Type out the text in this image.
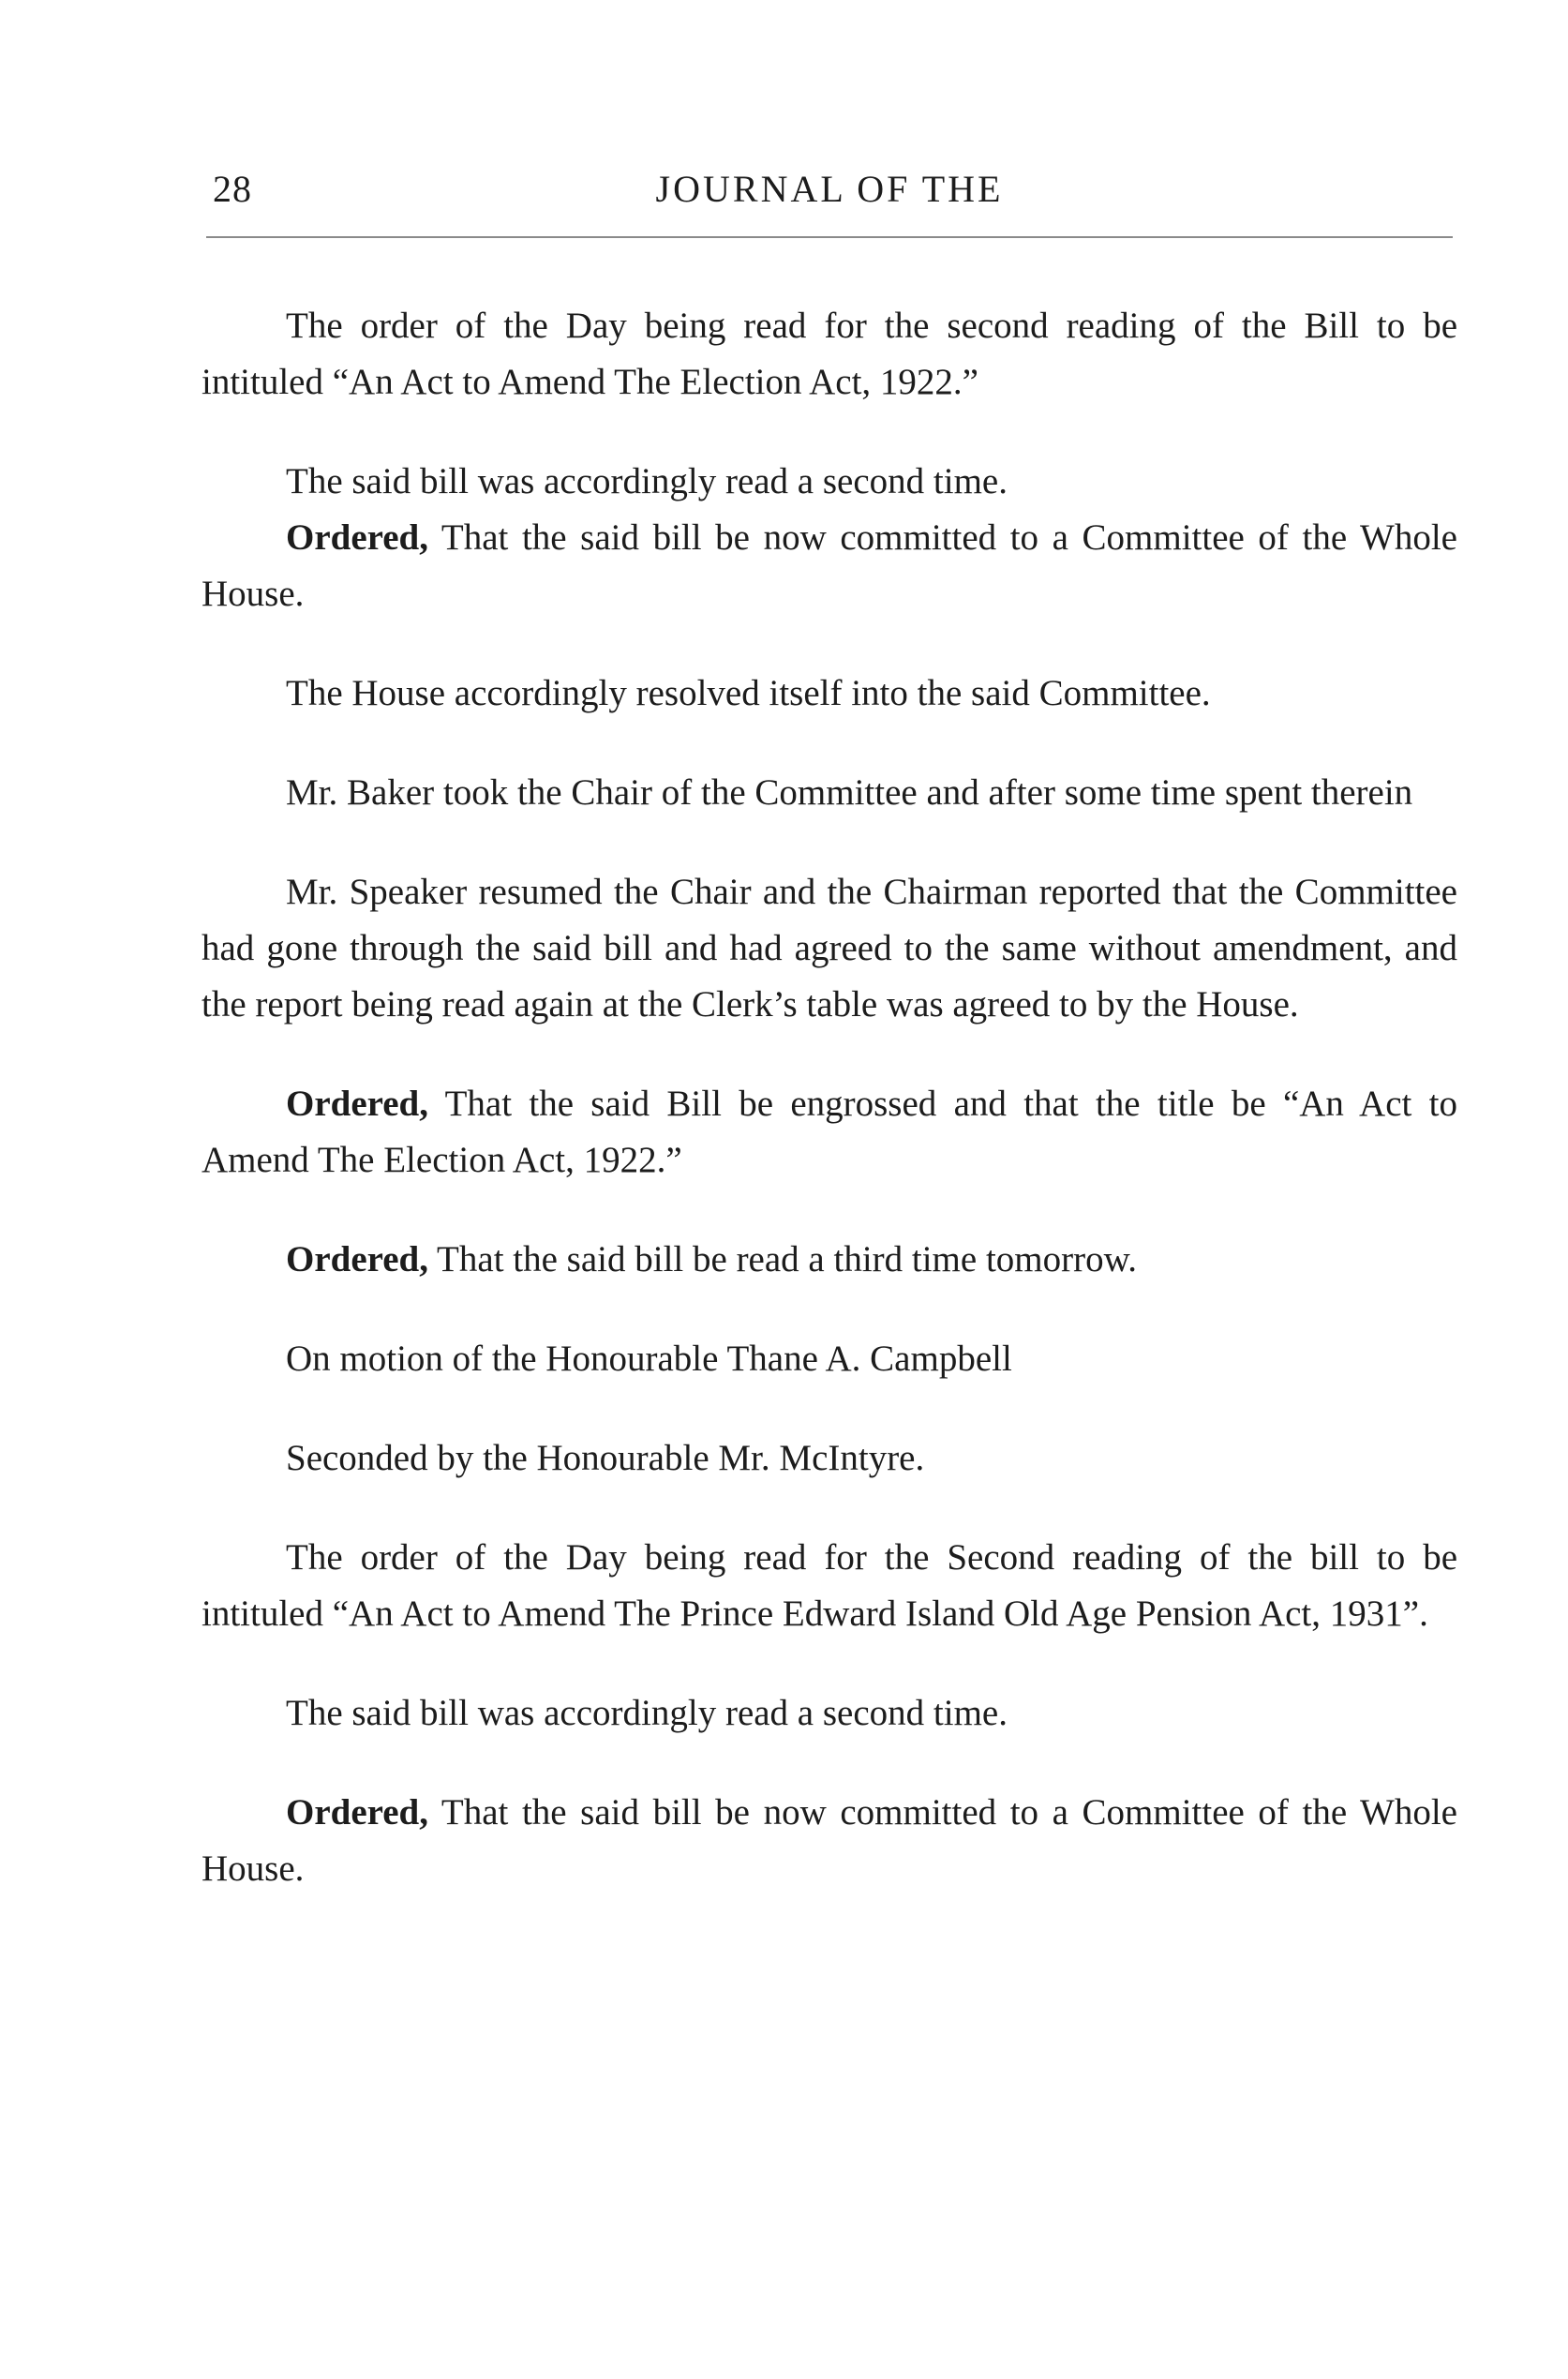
28	JOURNAL OF THE

The order of the Day being read for the second reading of the Bill to be intituled “An Act to Amend The Election Act, 1922.”

The said bill was accordingly read a second time.

Ordered, That the said bill be now committed to a Committee of the Whole House.

The House accordingly resolved itself into the said Committee.

Mr. Baker took the Chair of the Committee and after some time spent therein

Mr. Speaker resumed the Chair and the Chairman reported that the Committee had gone through the said bill and had agreed to the same without amendment, and the report being read again at the Clerk’s table was agreed to by the House.

Ordered, That the said Bill be engrossed and that the title be “An Act to Amend The Election Act, 1922.”

Ordered, That the said bill be read a third time tomorrow.

On motion of the Honourable Thane A. Campbell

Seconded by the Honourable Mr. McIntyre.

The order of the Day being read for the Second reading of the bill to be intituled “An Act to Amend The Prince Edward Island Old Age Pension Act, 1931”.

The said bill was accordingly read a second time.

Ordered, That the said bill be now committed to a Committee of the Whole House.
